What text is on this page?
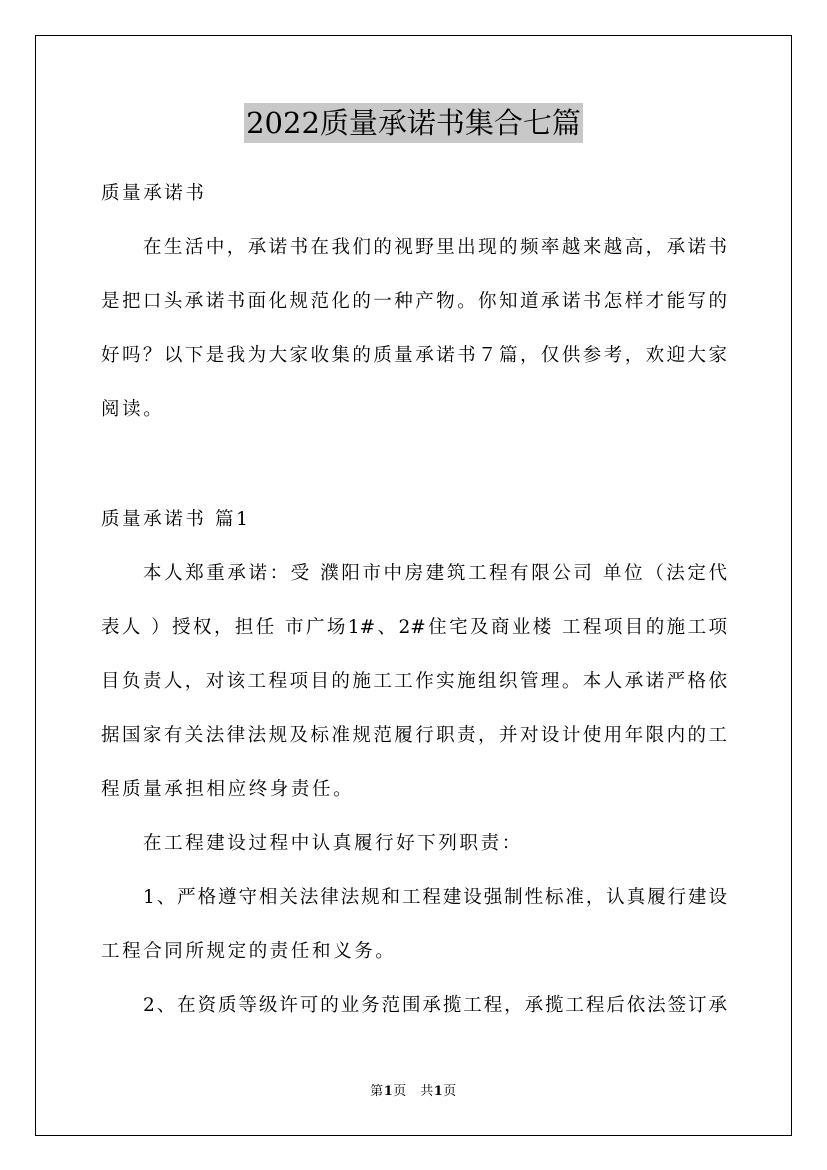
2022质量承诺书集合七篇
质量承诺书
在生活中，承诺书在我们的视野里出现的频率越来越高，承诺书
是把口头承诺书面化规范化的一种产物。你知道承诺书怎样才能写的
好吗？以下是我为大家收集的质量承诺书７篇，仅供参考，欢迎大家
阅读。
质量承诺书 篇1
本人郑重承诺：受 濮阳市中房建筑工程有限公司 单位（法定代
表人 ）授权，担任 市广场1#、2#住宅及商业楼 工程项目的施工项
目负责人，对该工程项目的施工工作实施组织管理。本人承诺严格依
据国家有关法律法规及标准规范履行职责，并对设计使用年限内的工
程质量承担相应终身责任。
在工程建设过程中认真履行好下列职责：
1、严格遵守相关法律法规和工程建设强制性标准，认真履行建设
工程合同所规定的责任和义务。
2、在资质等级许可的业务范围承揽工程，承揽工程后依法签订承
第1页　共1页
